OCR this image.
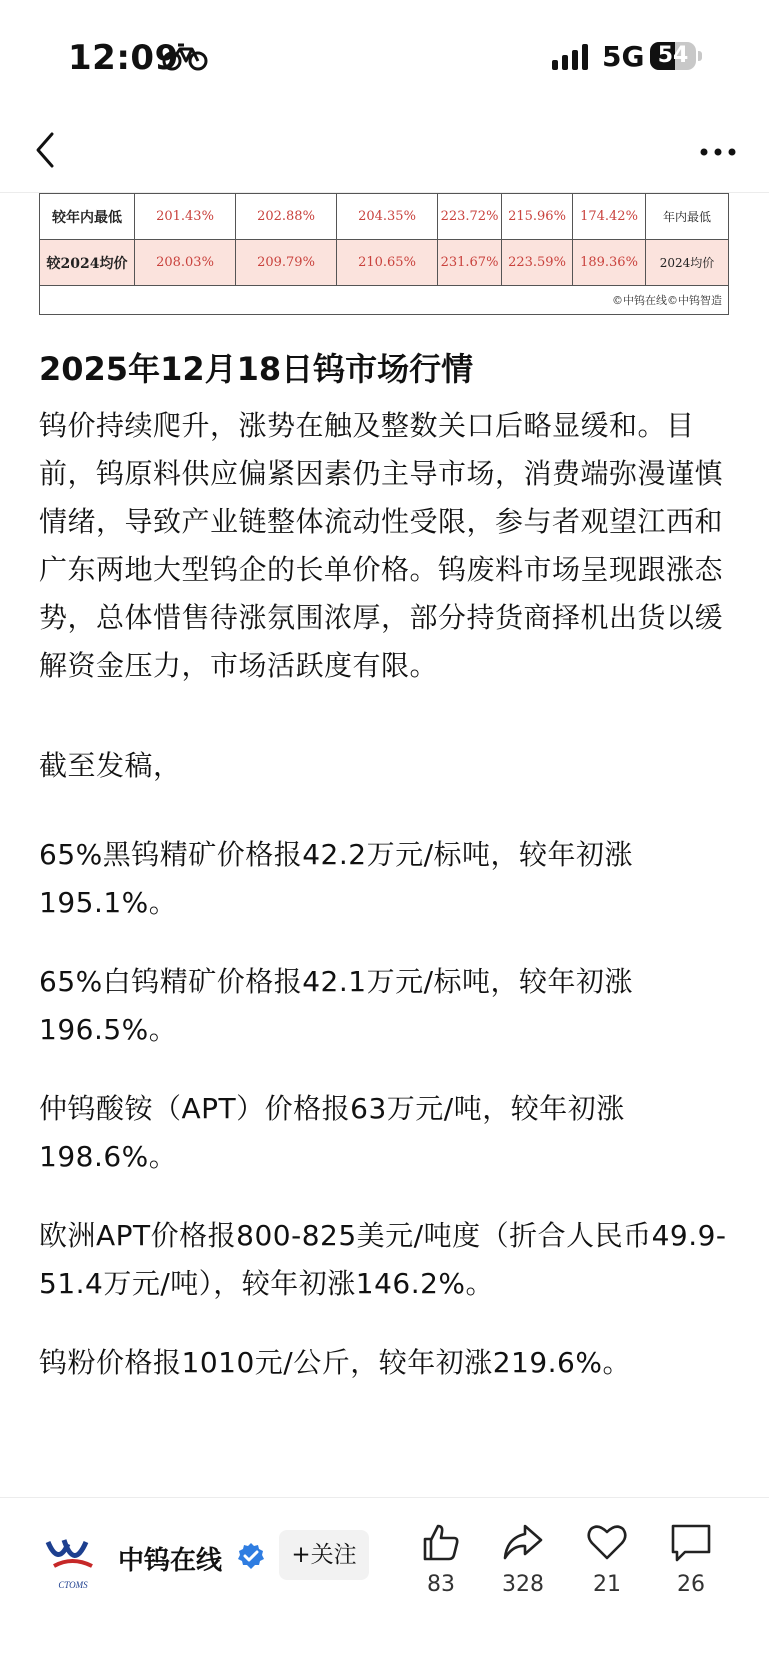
12:09	5G 54
较年内最低	201.43%	202.88%	204.35%	223.72%	215.96%	174.42%	年内最低
较2024均价	208.03%	209.79%	210.65%	231.67%	223.59%	189.36%	2024均价
©中钨在线©中钨智造							
2025年12月18日钨市场行情

钨价持续爬升，涨势在触及整数关口后略显缓和。目前，钨原料供应偏紧因素仍主导市场，消费端弥漫谨慎情绪，导致产业链整体流动性受限，参与者观望江西和广东两地大型钨企的长单价格。钨废料市场呈现跟涨态势，总体惜售待涨氛围浓厚，部分持货商择机出货以缓解资金压力，市场活跃度有限。

截至发稿，

65%黑钨精矿价格报42.2万元/标吨，较年初涨195.1%。

65%白钨精矿价格报42.1万元/标吨，较年初涨196.5%。

仲钨酸铵（APT）价格报63万元/吨，较年初涨198.6%。

欧洲APT价格报800-825美元/吨度（折合人民币49.9-51.4万元/吨），较年初涨146.2%。

钨粉价格报1010元/公斤，较年初涨219.6%。

CTOMS
中钨在线	+关注
83	328	21	26
